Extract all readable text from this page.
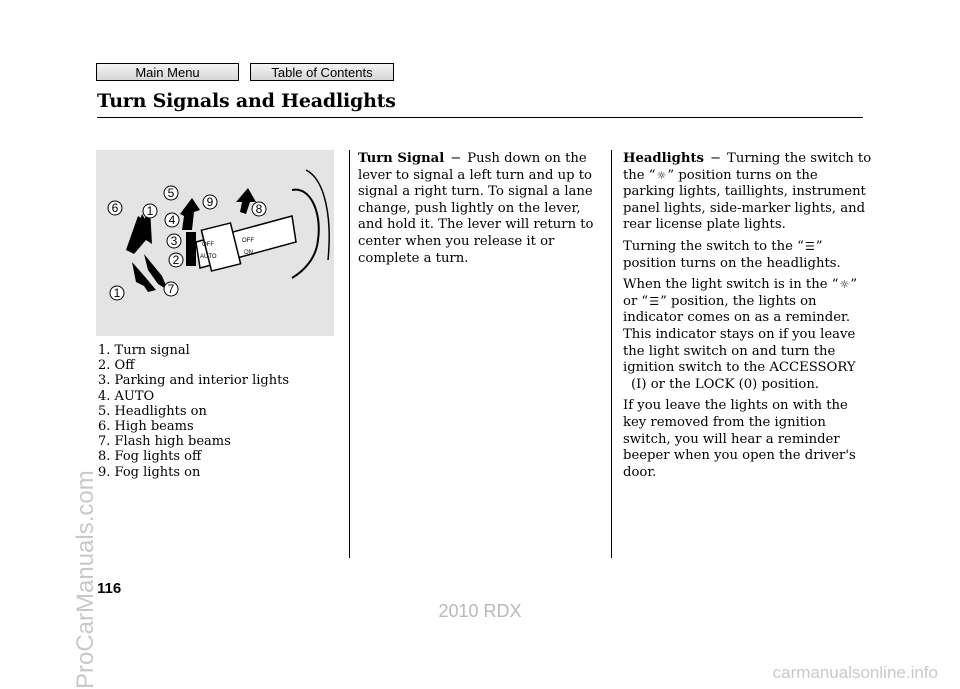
Main Menu	Table of Contents
Turn Signals and Headlights
6 1
5
9
4
8
3
2
1	7
OFF
OFF
ON
AUTO
1. Turn signal
2. Off
3. Parking and interior lights
4. AUTO
5. Headlights on
6. High beams
7. Flash high beams
8. Fog lights off
9. Fog lights on

Turn Signal − Push down on the lever to signal a left turn and up to signal a right turn. To signal a lane change, push lightly on the lever, and hold it. The lever will return to center when you release it or complete a turn.

Headlights − Turning the switch to the “☼” position turns on the parking lights, taillights, instrument panel lights, side-marker lights, and rear license plate lights.

Turning the switch to the “☰” position turns on the headlights.

When the light switch is in the “☼” or “☰” position, the lights on indicator comes on as a reminder. This indicator stays on if you leave the light switch on and turn the ignition switch to the ACCESSORY
(I) or the LOCK (0) position.

If you leave the lights on with the key removed from the ignition switch, you will hear a reminder beeper when you open the driver's door.

116
2010 RDX
ProCarManuals.com	carmanualsonline.info
